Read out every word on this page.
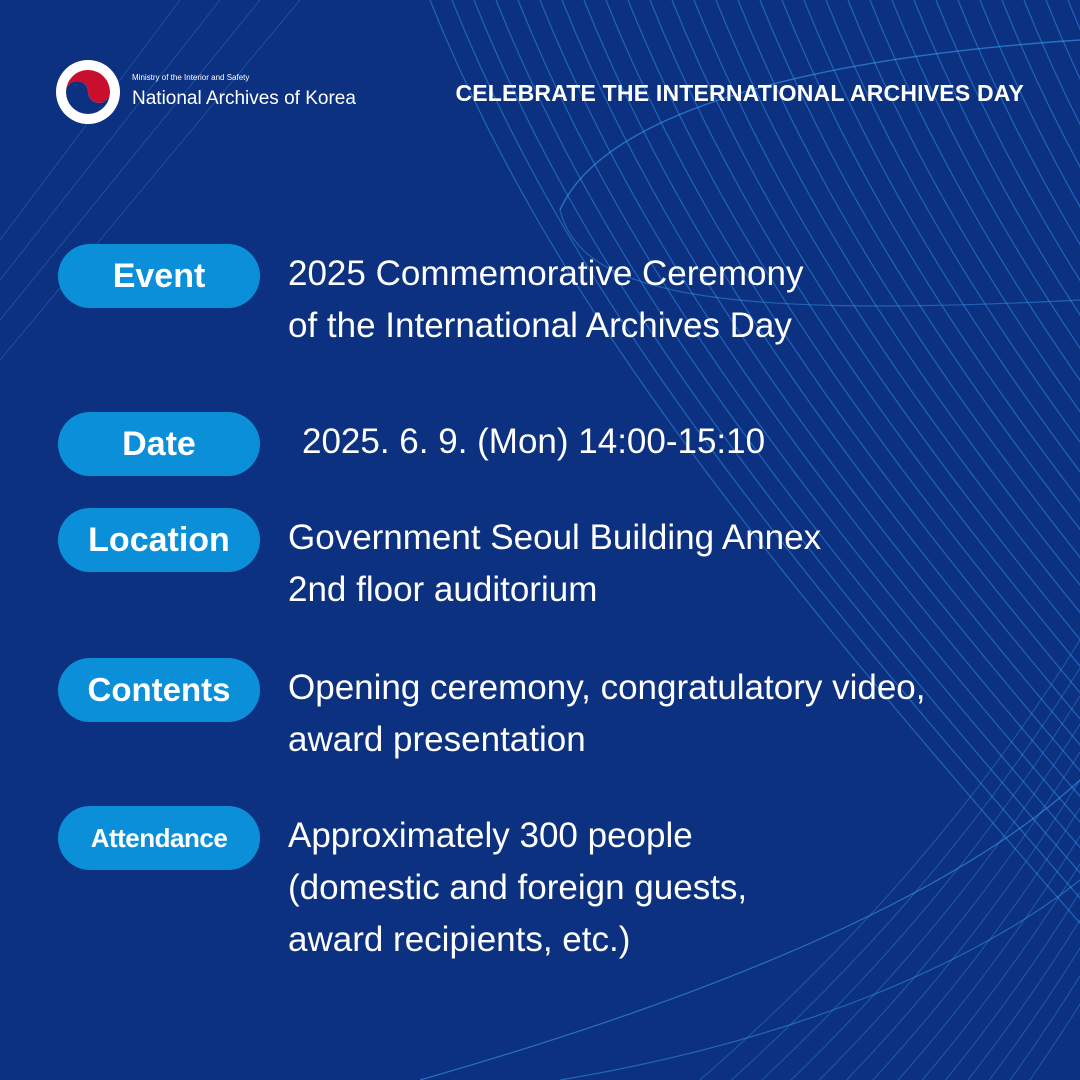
Ministry of the Interior and Safety
National Archives of Korea	CELEBRATE THE INTERNATIONAL ARCHIVES DAY
Event	2025 Commemorative Ceremony
of the International Archives Day
Date	2025. 6. 9. (Mon) 14:00-15:10
Location	Government Seoul Building Annex
2nd floor auditorium
Contents	Opening ceremony, congratulatory video,
award presentation
Attendance	Approximately 300 people
(domestic and foreign guests,
award recipients, etc.)
